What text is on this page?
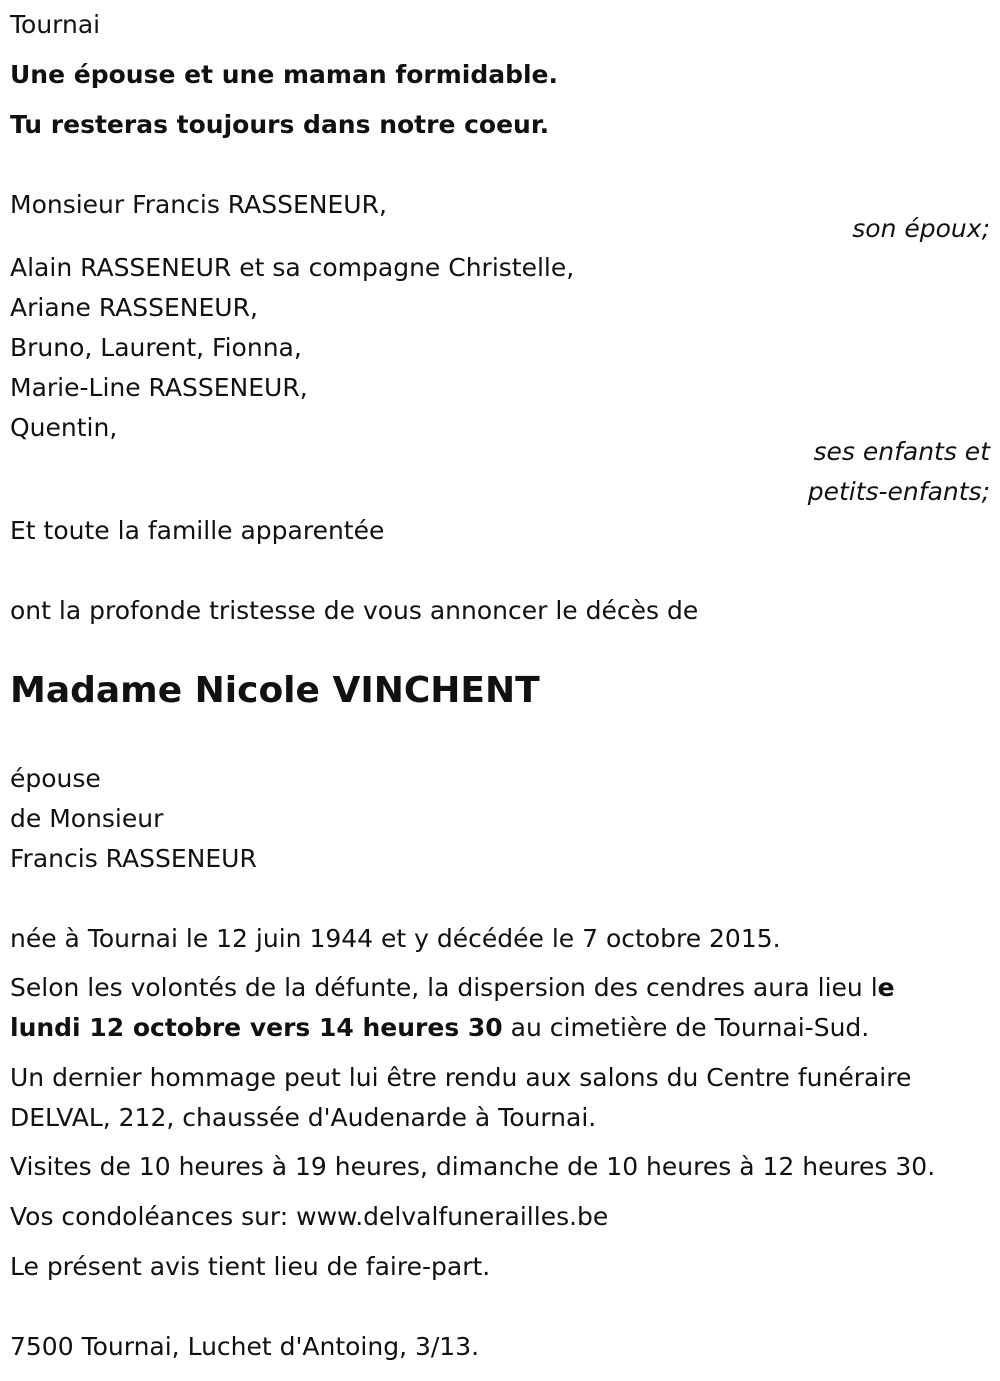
Tournai

Une épouse et une maman formidable.

Tu resteras toujours dans notre coeur.

Monsieur Francis RASSENEUR,

son époux;

Alain RASSENEUR et sa compagne Christelle,
Ariane RASSENEUR,
Bruno, Laurent, Fionna,
Marie-Line RASSENEUR,
Quentin,

ses enfants et

petits-enfants;

Et toute la famille apparentée

ont la profonde tristesse de vous annoncer le décès de

Madame Nicole VINCHENT

épouse
de Monsieur
Francis RASSENEUR

née à Tournai le 12 juin 1944 et y décédée le 7 octobre 2015.

Selon les volontés de la défunte, la dispersion des cendres aura lieu le
lundi 12 octobre vers 14 heures 30 au cimetière de Tournai-Sud.
Un dernier hommage peut lui être rendu aux salons du Centre funéraire
DELVAL, 212, chaussée d'Audenarde à Tournai.

Visites de 10 heures à 19 heures, dimanche de 10 heures à 12 heures 30.

Vos condoléances sur: www.delvalfunerailles.be

Le présent avis tient lieu de faire-part.

7500 Tournai, Luchet d'Antoing, 3/13.
